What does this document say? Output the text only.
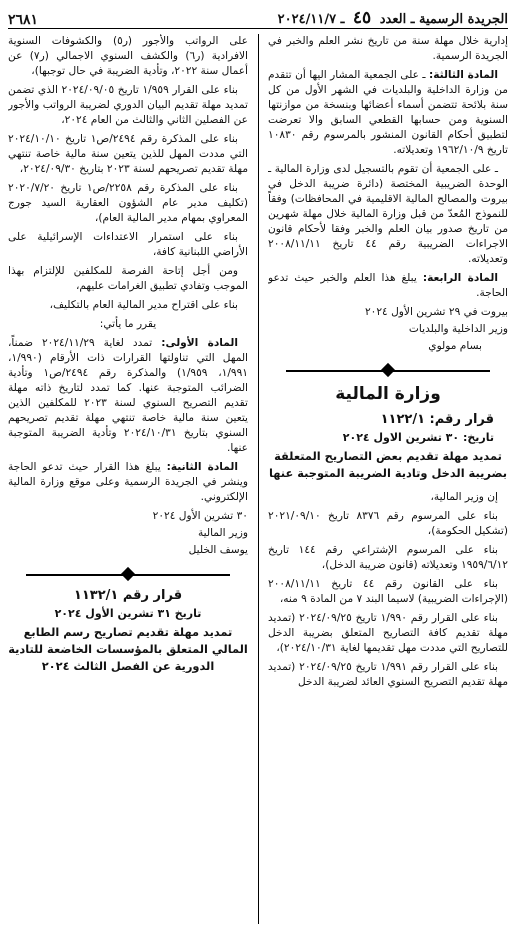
الجريدة الرسمية ـ العدد ٤٥ ـ ٢٠٢٤/١١/٧
٢٦٨١

إدارية خلال مهلة سنة من تاريخ نشر العلم والخبر في الجريدة الرسمية.

المادة الثالثة: ـ على الجمعية المشار اليها أن تتقدم من وزارة الداخلية والبلديات في الشهر الأول من كل سنة بلائحة تتضمن أسماء أعضائها وبنسخة من موازنتها السنوية ومن حسابها القطعي السابق والا تعرضت لتطبيق أحكام القانون المنشور بالمرسوم رقم ١٠٨٣٠ تاريخ ١٩٦٢/١٠/٩ وتعديلاته.

ـ على الجمعية أن تقوم بالتسجيل لدى وزارة المالية ـ الوحدة الضريبية المختصة (دائرة ضريبة الدخل في بيروت والمصالح المالية الاقليمية في المحافظات) وفقاً للنموذج المُعدّ من قبل وزارة المالية خلال مهلة شهرين من تاريخ صدور بيان العلم والخبر وفقا لأحكام قانون الاجراءات الضريبية رقم ٤٤ تاريخ ٢٠٠٨/١١/١١ وتعديلاته.

المادة الرابعة: يبلغ هذا العلم والخبر حيث تدعو الحاجة.

بيروت في ٢٩ تشرين الأول ٢٠٢٤
وزير الداخلية والبلديات
بسام مولوي
وزارة المالية
قرار رقم: ١١٢٢/١
تاريخ: ٣٠ تشرين الاول ٢٠٢٤
تمديد مهلة تقديم بعض التصاريح المتعلقة بضريبة الدخل وتادية الضريبة المتوجبة عنها

إن وزير المالية،

بناء على المرسوم رقم ٨٣٧٦ تاريخ ٢٠٢١/٠٩/١٠ (تشكيل الحكومة)،

بناء على المرسوم الإشتراعي رقم ١٤٤ تاريخ ١٩٥٩/٦/١٢ وتعديلاته (قانون ضريبة الدخل)،

بناء على القانون رقم ٤٤ تاريخ ٢٠٠٨/١١/١١ (الإجراءات الضريبية) لاسيما البند ٧ من المادة ٩ منه،

بناء على القرار رقم ١/٩٩٠ تاريخ ٢٠٢٤/٠٩/٢٥ (تمديد مهلة تقديم كافة التصاريح المتعلق بضريبة الدخل للتصاريح التي مددت مهل تقديمها لغاية ٢٠٢٤/١٠/٣١)،

بناء على القرار رقم ١/٩٩١ تاريخ ٢٠٢٤/٠٩/٢٥ (تمديد مهلة تقديم التصريح السنوي العائد لضريبة الدخل

على الرواتب والأجور (ر٥) والكشوفات السنوية الافرادية (ر٦) والكشف السنوي الاجمالي (ر٧) عن أعمال سنة ٢٠٢٢، وتأدية الضريبة في حال توجبها)،

بناء على القرار ١/٩٥٩ تاريخ ٢٠٢٤/٠٩/٠٥ الذي تضمن تمديد مهلة تقديم البيان الدوري لضريبة الرواتب والأجور عن الفصلين الثاني والثالث من العام ٢٠٢٤،

بناء على المذكرة رقم ٢٤٩٤/ص١ تاريخ ٢٠٢٤/١٠/١٠ التي مددت المهل للذين يتعين سنة مالية خاصة تنتهي مهلة تقديم تصريحهم لسنة ٢٠٢٣ بتاريخ ٢٠٢٤/٠٩/٣٠،

بناء على المذكرة رقم ٢٢٥٨/ص١ تاريخ ٢٠٢٠/٧/٢٠ (تكليف مدير عام الشؤون العقارية السيد جورج المعراوي بمهام مدير المالية العام)،

بناء على استمرار الاعتداءات الإسرائيلية على الأراضي اللبنانية كافة،

ومن أجل إتاحة الفرصة للمكلفين للإلتزام بهذا الموجب وتفادي تطبيق الغرامات عليهم،

بناء على اقتراح مدير المالية العام بالتكليف،

يقرر ما يأتي:

المادة الأولى: تمدد لغاية ٢٠٢٤/١١/٢٩ ضمناً، المهل التي تناولتها القرارات ذات الأرقام (١/٩٩٠، ١/٩٩١، ١/٩٥٩) والمذكرة رقم ٢٤٩٤/ص١ وتأدية الضرائب المتوجبة عنها. كما تمدد لتاريخ ذاته مهلة تقديم التصريح السنوي لسنة ٢٠٢٣ للمكلفين الذين يتعين سنة مالية خاصة تنتهي مهلة تقديم تصريحهم السنوي بتاريخ ٢٠٢٤/١٠/٣١ وتأدية الضريبة المتوجبة عنها.

المادة الثانية: يبلغ هذا القرار حيث تدعو الحاجة وينشر في الجريدة الرسمية وعلى موقع وزارة المالية الإلكتروني.

٣٠ تشرين الأول ٢٠٢٤
وزير المالية
يوسف الخليل
قرار رقم ١١٣٢/١
تاريخ ٣١ تشرين الأول ٢٠٢٤
تمديد مهلة تقديم تصاريح رسم الطابع المالي المتعلق بالمؤسسات الخاضعة للتادية الدورية عن الفصل الثالث ٢٠٢٤
